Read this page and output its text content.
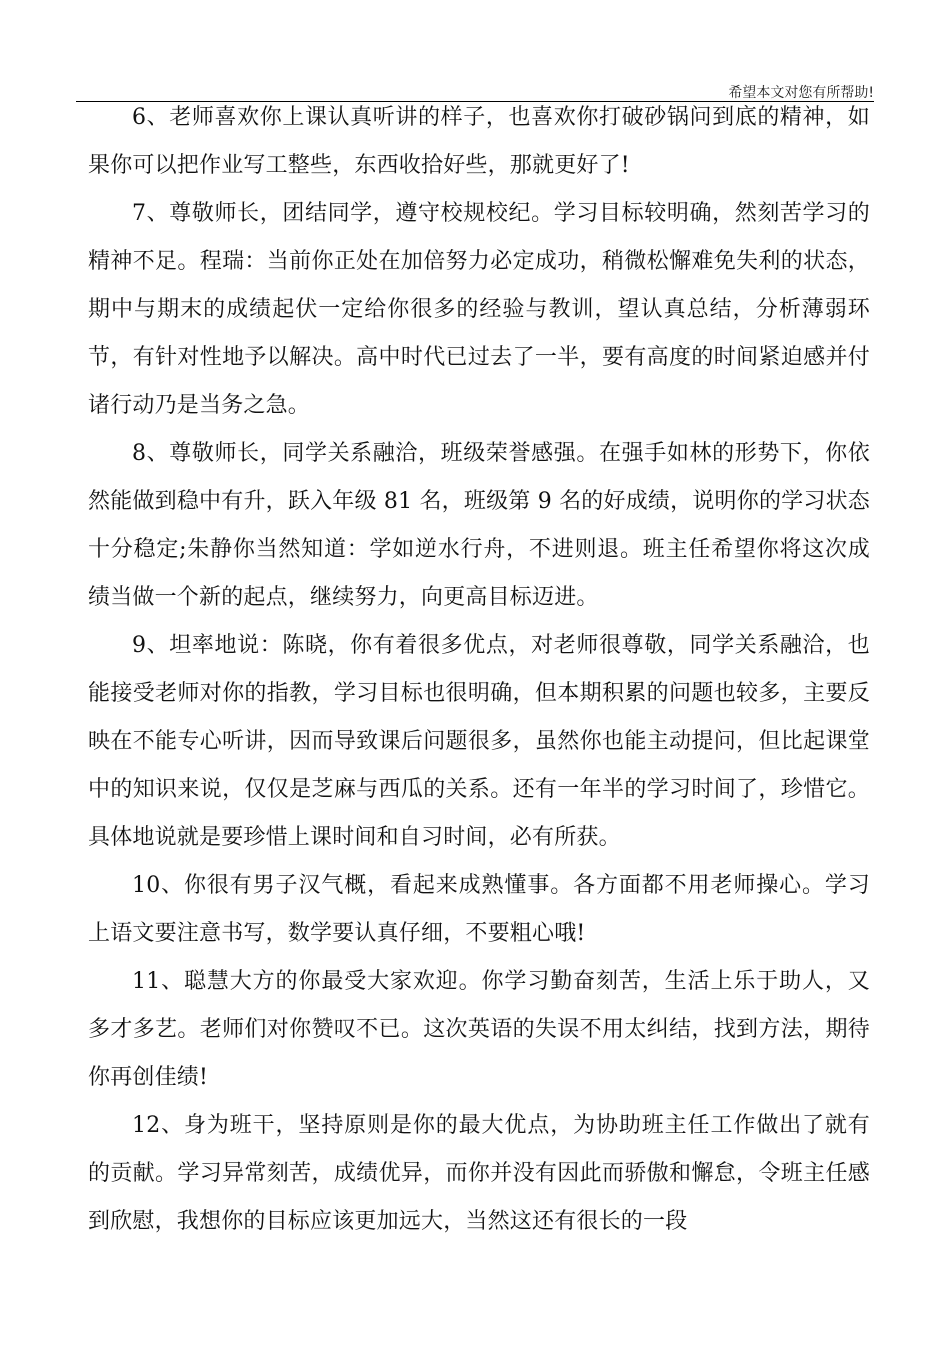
希望本文对您有所帮助!

6、老师喜欢你上课认真听讲的样子，也喜欢你打破砂锅问到底的精神，如果你可以把作业写工整些，东西收拾好些，那就更好了!

7、尊敬师长，团结同学，遵守校规校纪。学习目标较明确，然刻苦学习的精神不足。程瑞：当前你正处在加倍努力必定成功，稍微松懈难免失利的状态，期中与期末的成绩起伏一定给你很多的经验与教训，望认真总结，分析薄弱环节，有针对性地予以解决。高中时代已过去了一半，要有高度的时间紧迫感并付诸行动乃是当务之急。

8、尊敬师长，同学关系融洽，班级荣誉感强。在强手如林的形势下，你依然能做到稳中有升，跃入年级 81 名，班级第 9 名的好成绩，说明你的学习状态十分稳定;朱静你当然知道：学如逆水行舟，不进则退。班主任希望你将这次成绩当做一个新的起点，继续努力，向更高目标迈进。

9、坦率地说：陈晓，你有着很多优点，对老师很尊敬，同学关系融洽，也能接受老师对你的指教，学习目标也很明确，但本期积累的问题也较多，主要反映在不能专心听讲，因而导致课后问题很多，虽然你也能主动提问，但比起课堂中的知识来说，仅仅是芝麻与西瓜的关系。还有一年半的学习时间了，珍惜它。具体地说就是要珍惜上课时间和自习时间，必有所获。

10、你很有男子汉气概，看起来成熟懂事。各方面都不用老师操心。学习上语文要注意书写，数学要认真仔细，不要粗心哦!

11、聪慧大方的你最受大家欢迎。你学习勤奋刻苦，生活上乐于助人，又多才多艺。老师们对你赞叹不已。这次英语的失误不用太纠结，找到方法，期待你再创佳绩!

12、身为班干，坚持原则是你的最大优点，为协助班主任工作做出了就有的贡献。学习异常刻苦，成绩优异，而你并没有因此而骄傲和懈怠，令班主任感到欣慰，我想你的目标应该更加远大，当然这还有很长的一段
